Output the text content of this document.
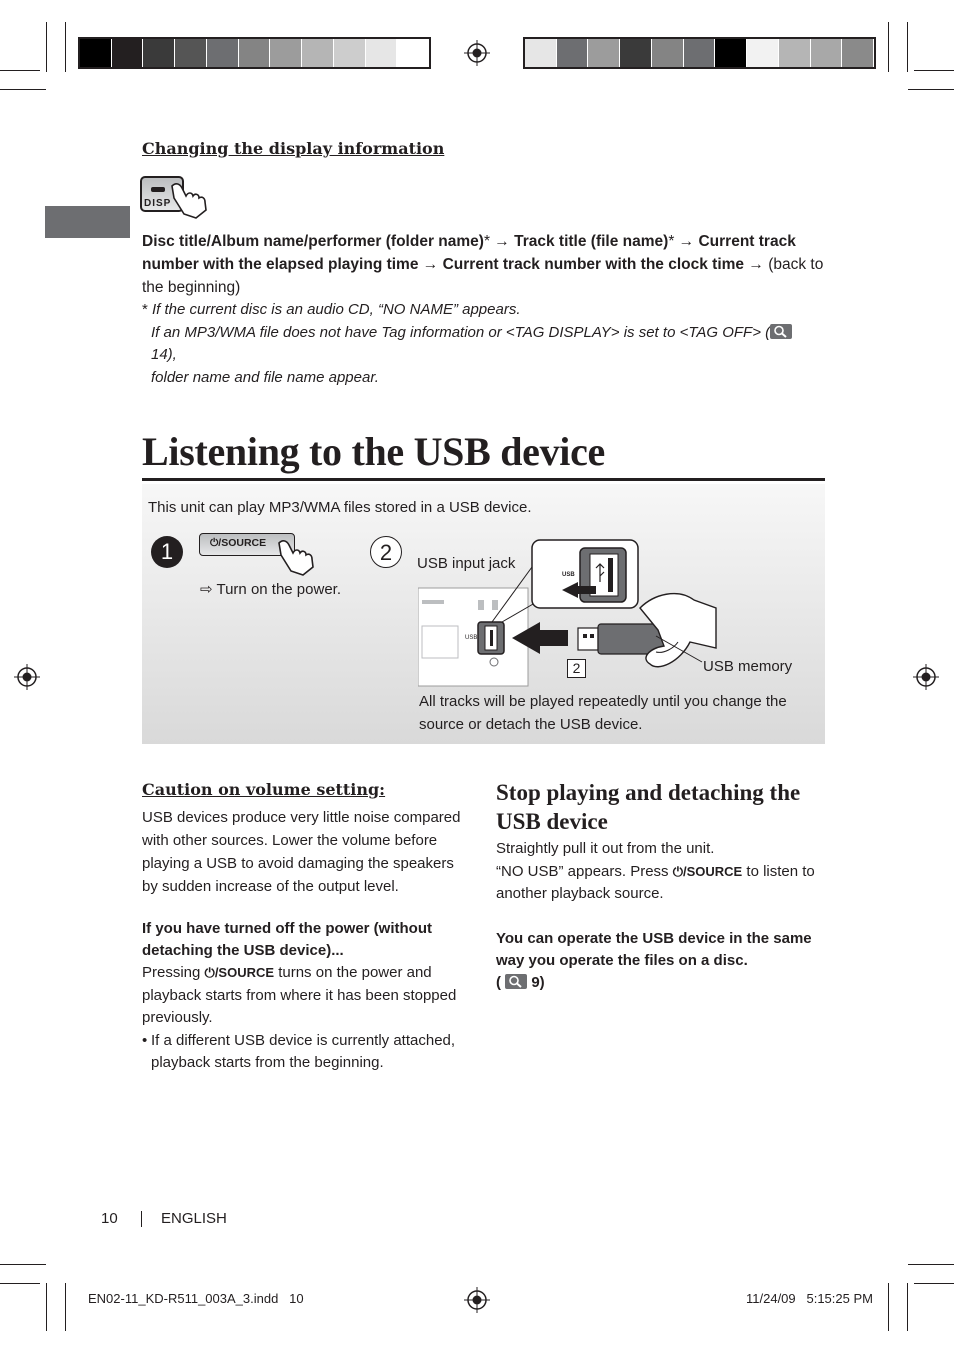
Changing the display information
DISP
Disc title/Album name/performer (folder name)* → Track title (file name)* → Current track number with the elapsed playing time → Current track number with the clock time → (back to the beginning)
* If the current disc is an audio CD, “NO NAME” appears.
If an MP3/WMA file does not have Tag information or <TAG DISPLAY> is set to <TAG OFF> ( 14),
folder name and file name appear.
Listening to the USB device
This unit can play MP3/WMA files stored in a USB device.
1	⏻/SOURCE
⇨ Turn on the power.
2	USB input jack
2	USB memory
USB
USB
All tracks will be played repeatedly until you change the
source or detach the USB device.
Caution on volume setting:
USB devices produce very little noise compared
with other sources. Lower the volume before
playing a USB to avoid damaging the speakers
by sudden increase of the output level.
If you have turned off the power (without
detaching the USB device)...
Pressing ⏻/SOURCE turns on the power and
playback starts from where it has been stopped
previously.
• If a different USB device is currently attached,
playback starts from the beginning.
Stop playing and detaching the
USB device
Straightly pull it out from the unit.
“NO USB” appears. Press ⏻/SOURCE to listen to
another playback source.
You can operate the USB device in the same
way you operate the files on a disc.
( 9)
10	ENGLISH
EN02-11_KD-R511_003A_3.indd   10	11/24/09   5:15:25 PM
